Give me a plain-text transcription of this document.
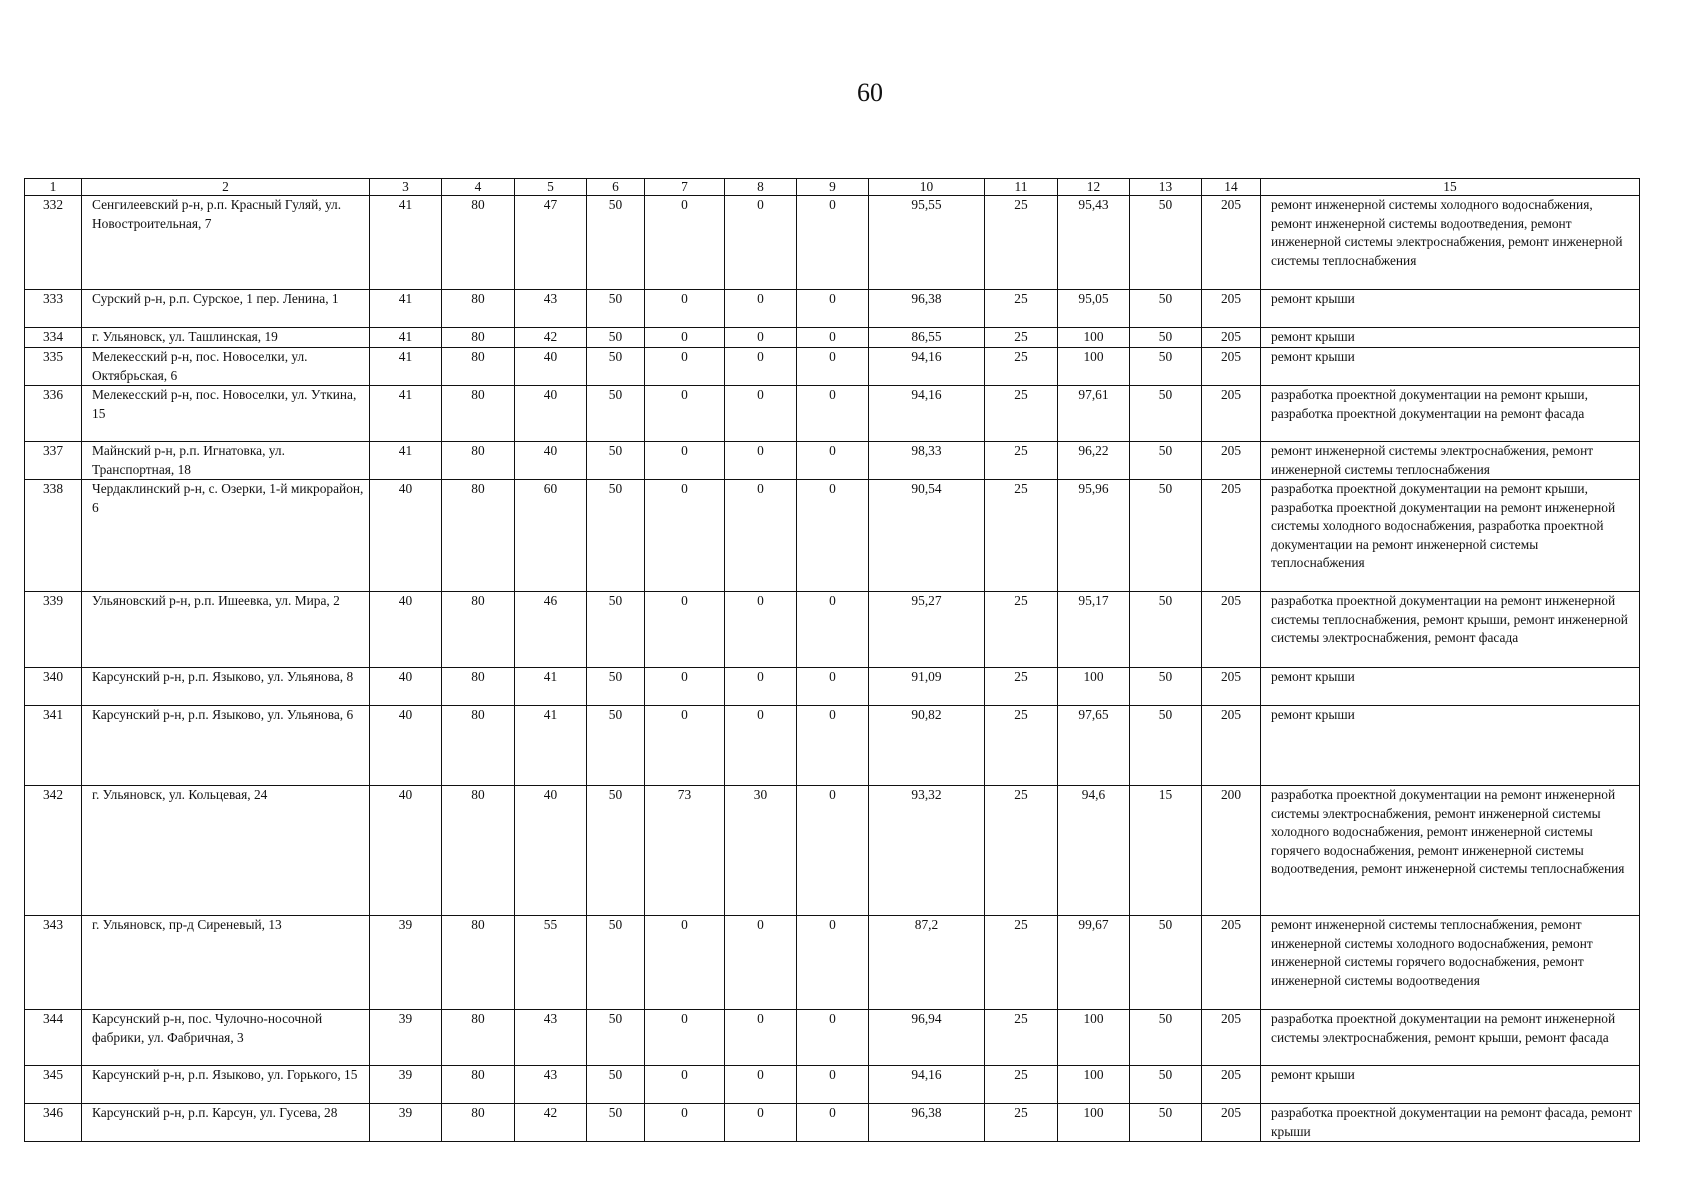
60
1	2	3	4	5	6	7	8	9	10	11	12	13	14	15
332	Сенгилеевский р-н, р.п. Красный Гуляй, ул. Новостроительная, 7	41	80	47	50	0	0	0	95,55	25	95,43	50	205	ремонт инженерной системы холодного водоснабжения, ремонт инженерной системы водоотведения, ремонт инженерной системы электроснабжения, ремонт инженерной системы теплоснабжения
333	Сурский р-н, р.п. Сурское, 1 пер. Ленина, 1	41	80	43	50	0	0	0	96,38	25	95,05	50	205	ремонт крыши
334	г. Ульяновск, ул. Ташлинская, 19	41	80	42	50	0	0	0	86,55	25	100	50	205	ремонт крыши
335	Мелекесский р-н, пос. Новоселки, ул. Октябрьская, 6	41	80	40	50	0	0	0	94,16	25	100	50	205	ремонт крыши
336	Мелекесский р-н, пос. Новоселки, ул. Уткина, 15	41	80	40	50	0	0	0	94,16	25	97,61	50	205	разработка проектной документации на ремонт крыши, разработка проектной документации на ремонт фасада
337	Майнский р-н, р.п. Игнатовка, ул. Транспортная, 18	41	80	40	50	0	0	0	98,33	25	96,22	50	205	ремонт инженерной системы электроснабжения, ремонт инженерной системы теплоснабжения
338	Чердаклинский р-н, с. Озерки, 1-й микрорайон, 6	40	80	60	50	0	0	0	90,54	25	95,96	50	205	разработка проектной документации на ремонт крыши, разработка проектной документации на ремонт инженерной системы холодного водоснабжения, разработка проектной документации на ремонт инженерной системы теплоснабжения
339	Ульяновский р-н, р.п. Ишеевка, ул. Мира, 2	40	80	46	50	0	0	0	95,27	25	95,17	50	205	разработка проектной документации на ремонт инженерной системы теплоснабжения, ремонт крыши, ремонт инженерной системы электроснабжения, ремонт фасада
340	Карсунский р-н, р.п. Языково, ул. Ульянова, 8	40	80	41	50	0	0	0	91,09	25	100	50	205	ремонт крыши
341	Карсунский р-н, р.п. Языково, ул. Ульянова, 6	40	80	41	50	0	0	0	90,82	25	97,65	50	205	ремонт крыши
342	г. Ульяновск, ул. Кольцевая, 24	40	80	40	50	73	30	0	93,32	25	94,6	15	200	разработка проектной документации на ремонт инженерной системы электроснабжения, ремонт инженерной системы холодного водоснабжения, ремонт инженерной системы горячего водоснабжения, ремонт инженерной системы водоотведения, ремонт инженерной системы теплоснабжения
343	г. Ульяновск, пр-д Сиреневый, 13	39	80	55	50	0	0	0	87,2	25	99,67	50	205	ремонт инженерной системы теплоснабжения, ремонт инженерной системы холодного водоснабжения, ремонт инженерной системы горячего водоснабжения, ремонт инженерной системы водоотведения
344	Карсунский р-н, пос. Чулочно-носочной фабрики, ул. Фабричная, 3	39	80	43	50	0	0	0	96,94	25	100	50	205	разработка проектной документации на ремонт инженерной системы электроснабжения, ремонт крыши, ремонт фасада
345	Карсунский р-н, р.п. Языково, ул. Горького, 15	39	80	43	50	0	0	0	94,16	25	100	50	205	ремонт крыши
346	Карсунский р-н, р.п. Карсун, ул. Гусева, 28	39	80	42	50	0	0	0	96,38	25	100	50	205	разработка проектной документации на ремонт фасада, ремонт крыши
